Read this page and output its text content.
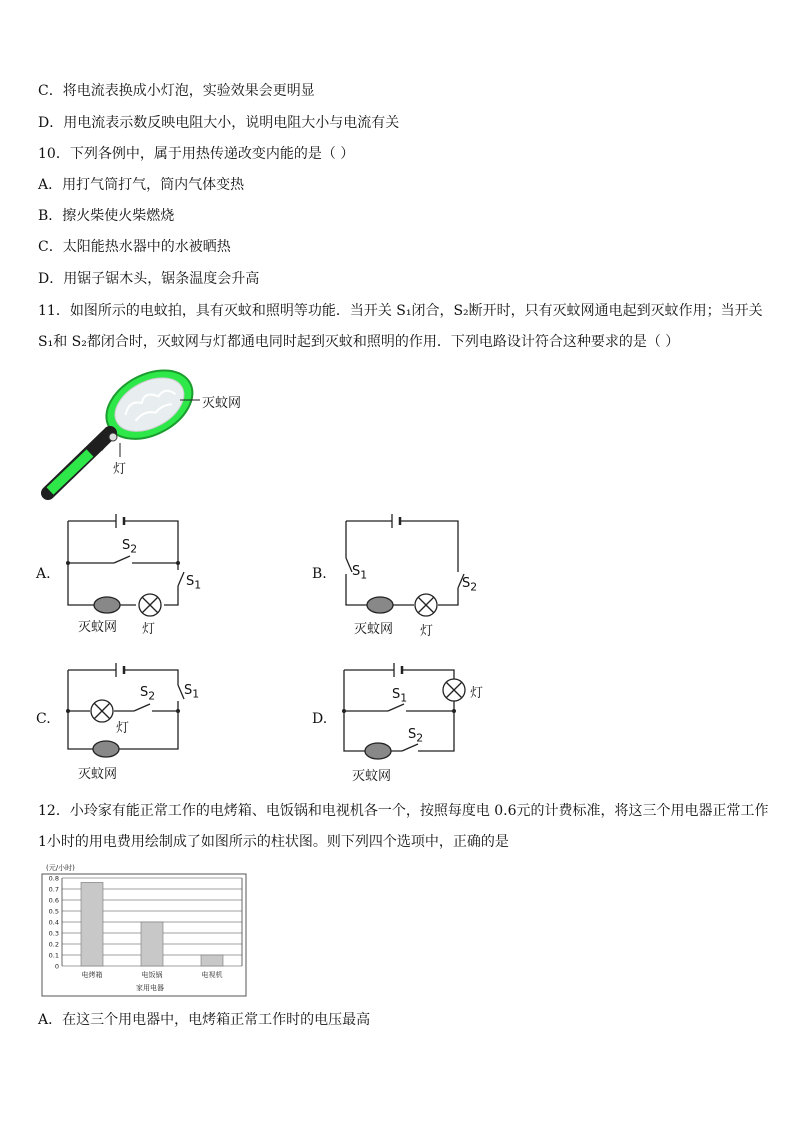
C．将电流表换成小灯泡，实验效果会更明显
D．用电流表示数反映电阻大小，说明电阻大小与电流有关
10．下列各例中，属于用热传递改变内能的是（ ）
A．用打气筒打气，筒内气体变热
B．擦火柴使火柴燃烧
C．太阳能热水器中的水被晒热
D．用锯子锯木头，锯条温度会升高
11．如图所示的电蚊拍，具有灭蚊和照明等功能．当开关 S₁闭合，S₂断开时，只有灭蚊网通电起到灭蚊作用；当开关
S₁和 S₂都闭合时，灭蚊网与灯都通电同时起到灭蚊和照明的作用．下列电路设计符合这种要求的是（ ）
灭蚊网
灯
A.
$S_2$
$S_1$
灭蚊网 灯
B. $S_1$
$S_2$
灭蚊网 灯
C.
$S_2$ $S_1$
灯
灭蚊网
D.
$S_1$	灯
$S_2$
灭蚊网
12．小玲家有能正常工作的电烤箱、电饭锅和电视机各一个，按照每度电 0.6元的计费标准，将这三个用电器正常工作
1小时的用电费用绘制成了如图所示的柱状图。则下列四个选项中，正确的是
(元/小时)
家用电器
0
0.1
0.2
0.3
0.4
0.5
0.6
0.7
0.8
电烤箱	电饭锅	电视机
A．在这三个用电器中，电烤箱正常工作时的电压最高
